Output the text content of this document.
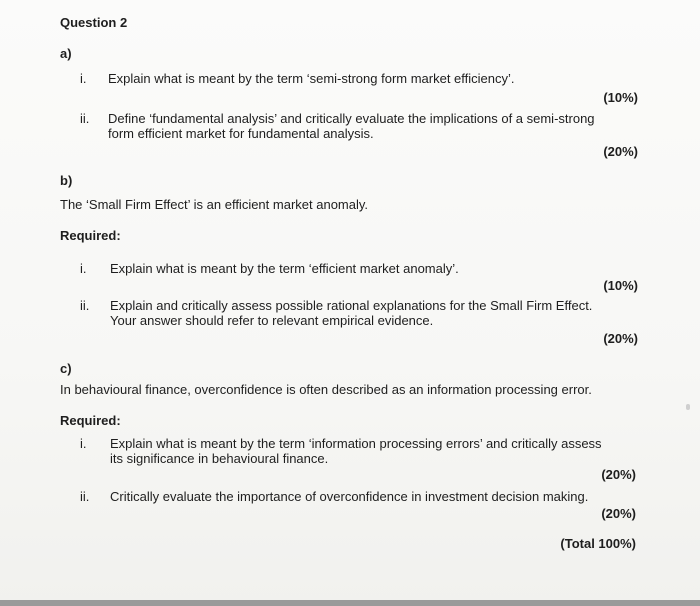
Question 2
a)
i. Explain what is meant by the term ‘semi-strong form market efficiency’.
(10%)
ii. Define ‘fundamental analysis’ and critically evaluate the implications of a semi-strong
form efficient market for fundamental analysis.
(20%)
b)
The ‘Small Firm Effect’ is an efficient market anomaly.
Required:
i. Explain what is meant by the term ‘efficient market anomaly’.
(10%)
ii. Explain and critically assess possible rational explanations for the Small Firm Effect.
Your answer should refer to relevant empirical evidence.
(20%)
c)
In behavioural finance, overconfidence is often described as an information processing error.
Required:
i. Explain what is meant by the term ‘information processing errors’ and critically assess
its significance in behavioural finance.
(20%)
ii. Critically evaluate the importance of overconfidence in investment decision making.
(20%)
(Total 100%)
